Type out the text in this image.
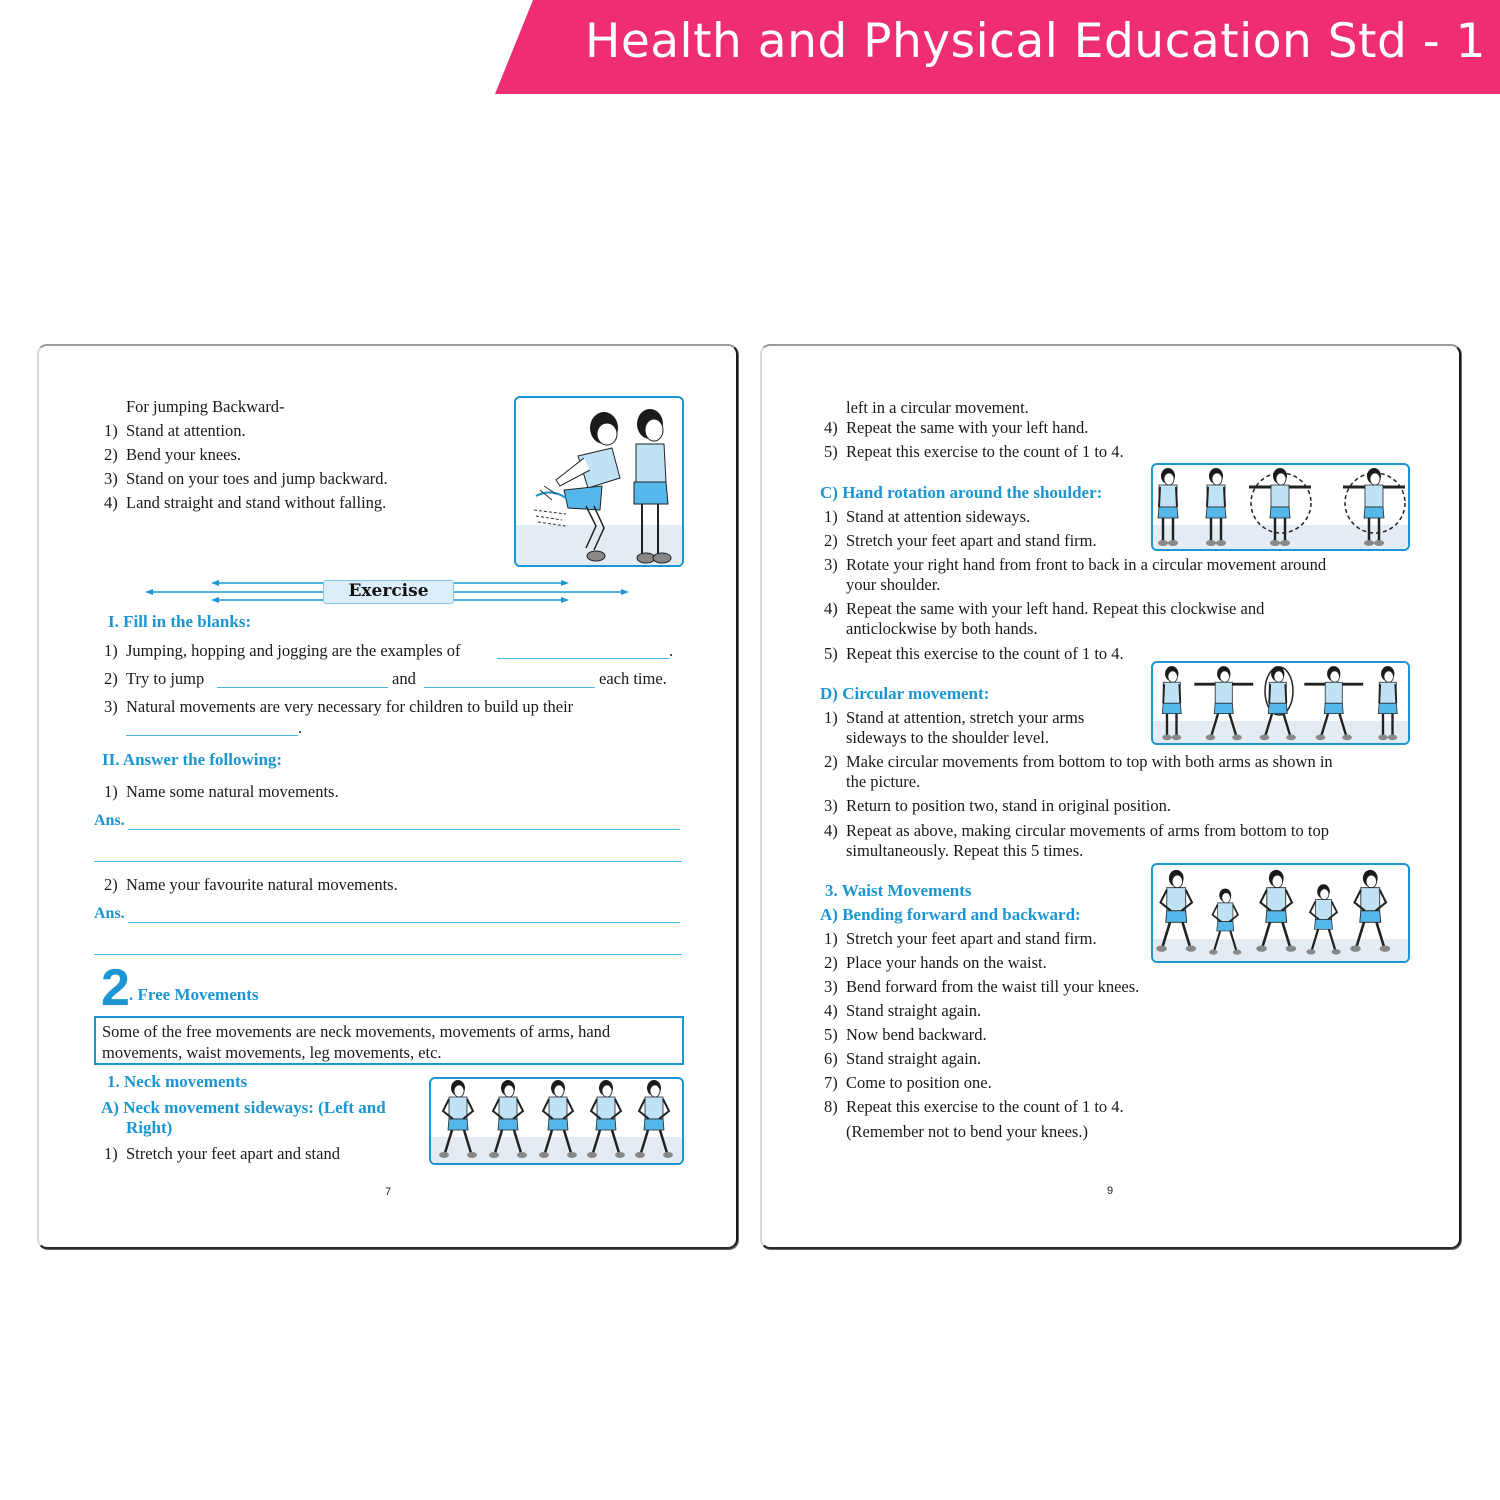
Health and Physical Education Std - 1
For jumping Backward-
1) Stand at attention.
2) Bend your knees.
3) Stand on your toes and jump backward.
4) Land straight and stand without falling.
Exercise
I. Fill in the blanks:
1) Jumping, hopping and jogging are the examples of	.
2) Try to jump	and	each time.
3) Natural movements are very necessary for children to build up their
.
II. Answer the following:
1) Name some natural movements.
Ans.
2) Name your favourite natural movements.
Ans.
2 . Free Movements
Some of the free movements are neck movements, movements of arms, hand movements, waist movements, leg movements, etc.
1. Neck movements
A) Neck movement sideways: (Left and
Right)
1) Stretch your feet apart and stand
7
left in a circular movement.
4) Repeat the same with your left hand.
5) Repeat this exercise to the count of 1 to 4.
C) Hand rotation around the shoulder:
1) Stand at attention sideways.
2) Stretch your feet apart and stand firm.
3) Rotate your right hand from front to back in a circular movement around
your shoulder.
4) Repeat the same with your left hand. Repeat this clockwise and
anticlockwise by both hands.
5) Repeat this exercise to the count of 1 to 4.
D) Circular movement:
1) Stand at attention, stretch your arms
sideways to the shoulder level.
2) Make circular movements from bottom to top with both arms as shown in
the picture.
3) Return to position two, stand in original position.
4) Repeat as above, making circular movements of arms from bottom to top
simultaneously. Repeat this 5 times.
3. Waist Movements
A) Bending forward and backward:
1) Stretch your feet apart and stand firm.
2) Place your hands on the waist.
3) Bend forward from the waist till your knees.
4) Stand straight again.
5) Now bend backward.
6) Stand straight again.
7) Come to position one.
8) Repeat this exercise to the count of 1 to 4.
(Remember not to bend your knees.)
9
